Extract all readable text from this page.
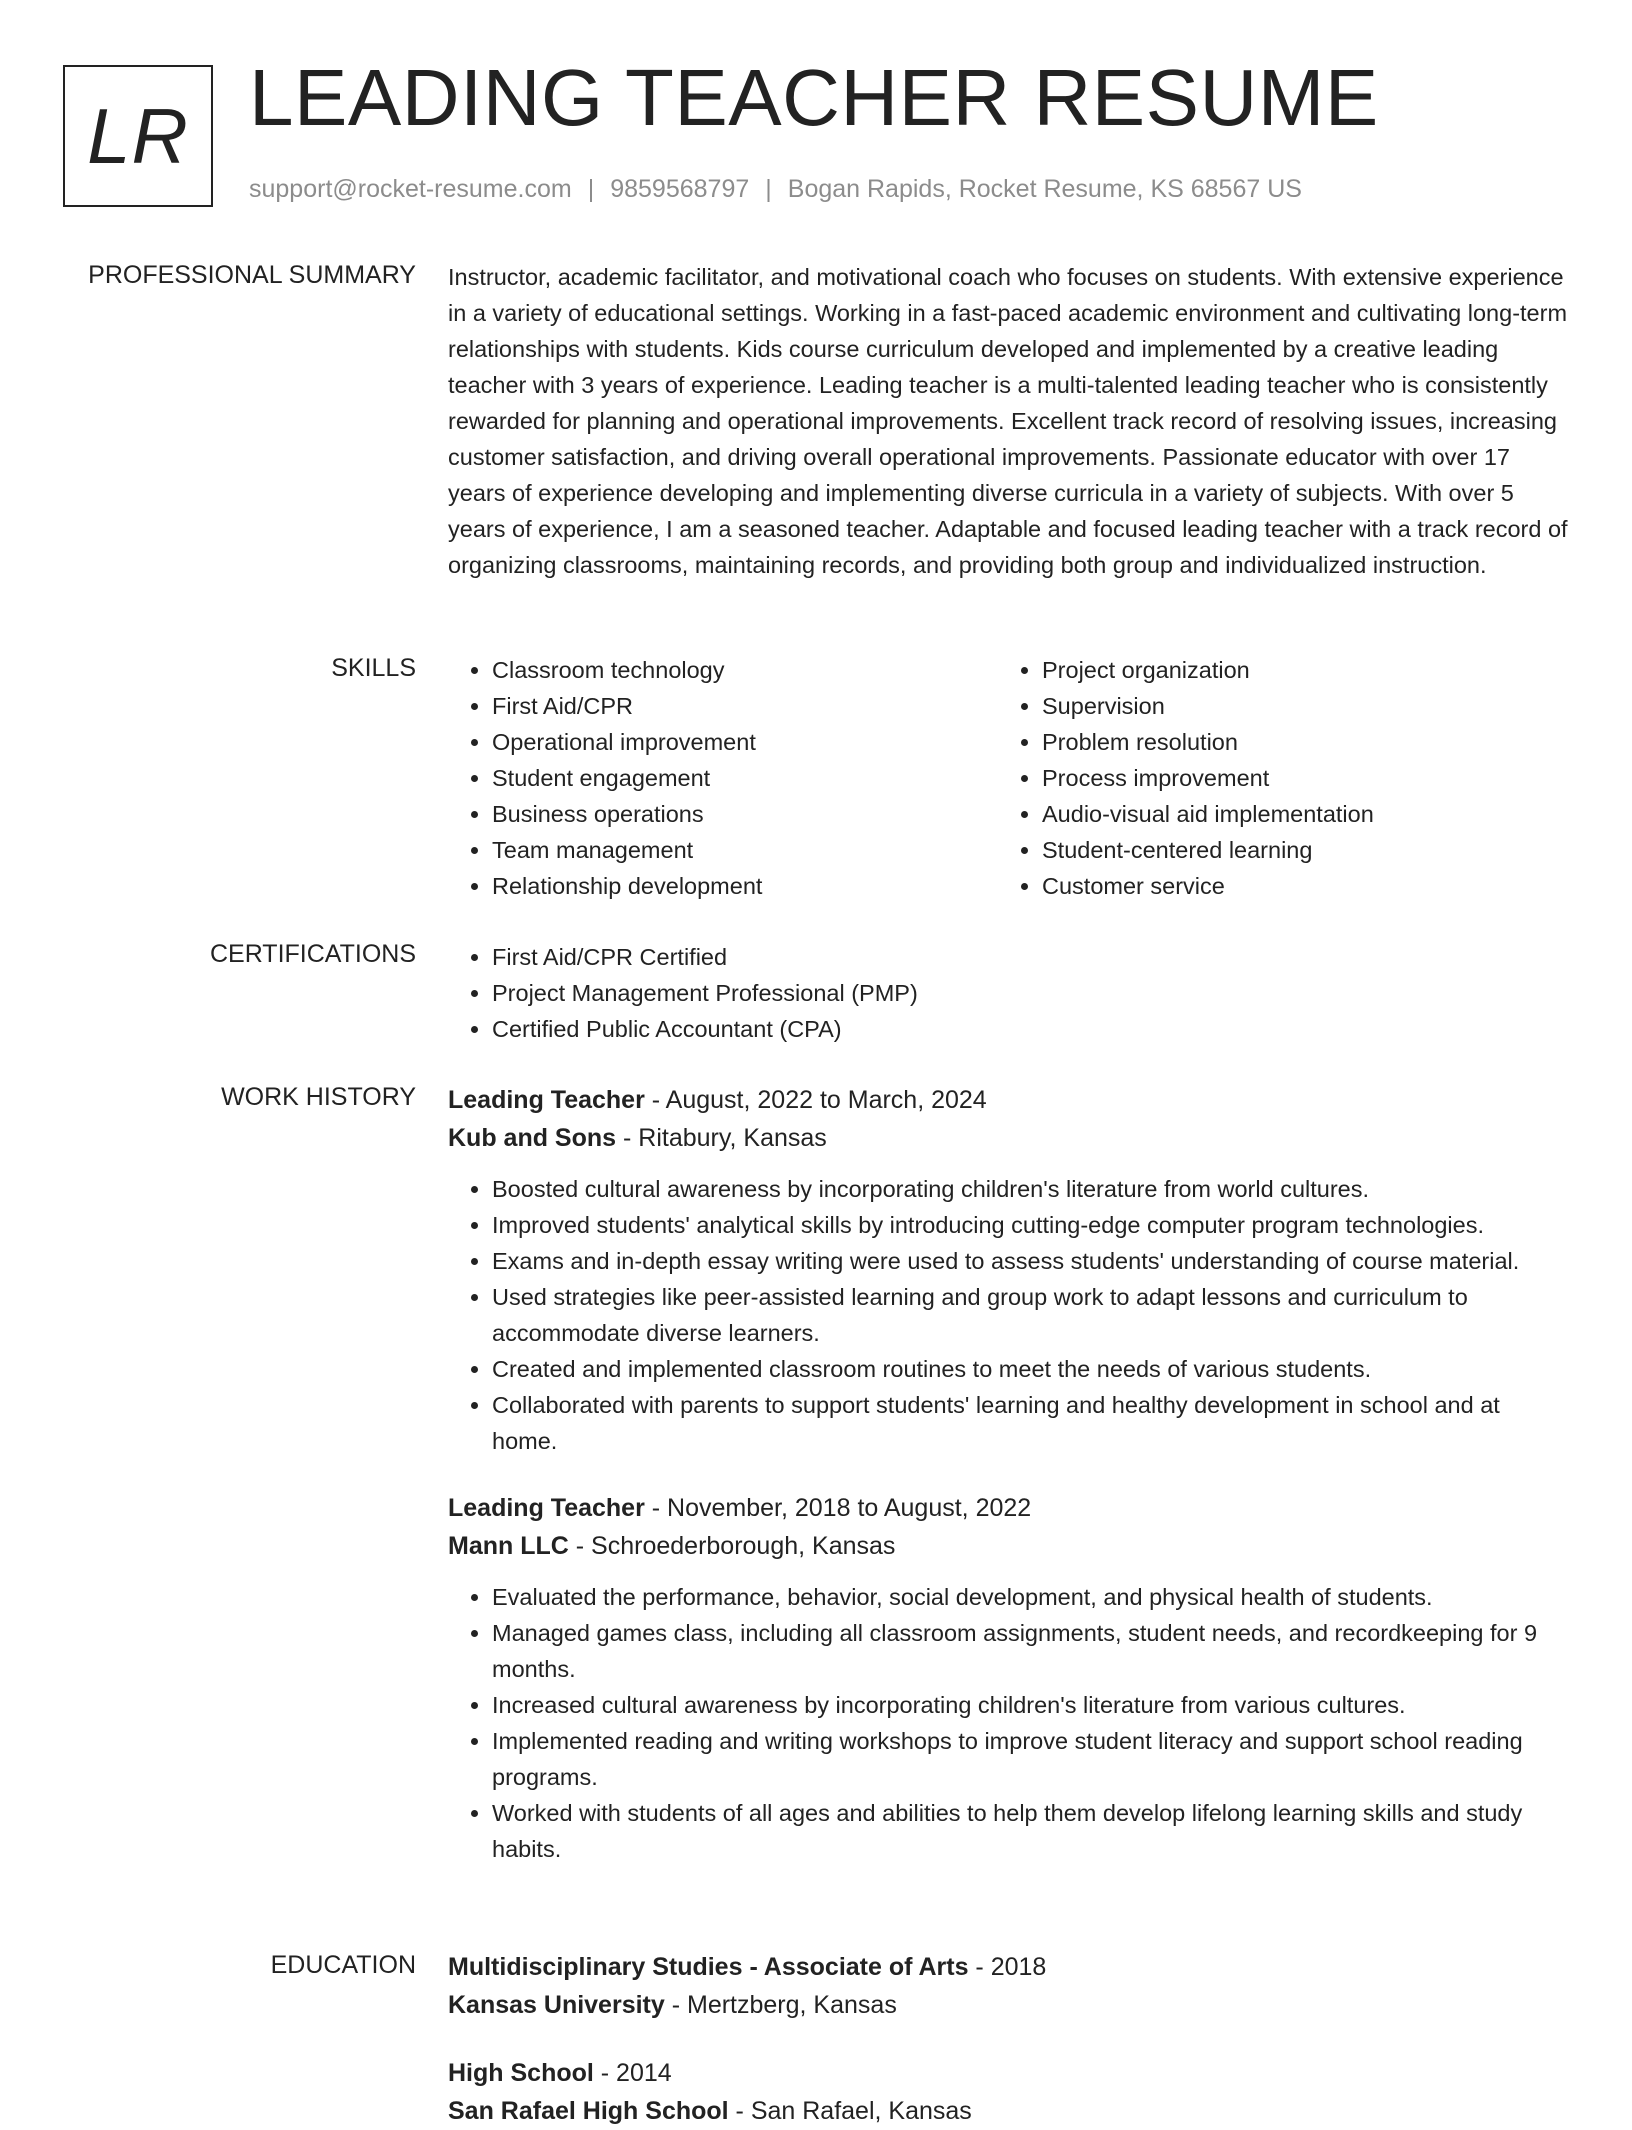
LR LEADING TEACHER RESUME
support@rocket-resume.com | 9859568797 | Bogan Rapids, Rocket Resume, KS 68567 US
PROFESSIONAL SUMMARY Instructor, academic facilitator, and motivational coach who focuses on students. With extensive experience in a variety of educational settings. Working in a fast-paced academic environment and cultivating long-term relationships with students. Kids course curriculum developed and implemented by a creative leading teacher with 3 years of experience. Leading teacher is a multi-talented leading teacher who is consistently rewarded for planning and operational improvements. Excellent track record of resolving issues, increasing customer satisfaction, and driving overall operational improvements. Passionate educator with over 17 years of experience developing and implementing diverse curricula in a variety of subjects. With over 5 years of experience, I am a seasoned teacher. Adaptable and focused leading teacher with a track record of organizing classrooms, maintaining records, and providing both group and individualized instruction.

SKILLS	• Classroom technology
• First Aid/CPR
• Operational improvement
• Student engagement
• Business operations
• Team management
• Relationship development
• Project organization
• Supervision
• Problem resolution
• Process improvement
• Audio-visual aid implementation
• Student-centered learning
• Customer service
CERTIFICATIONS	• First Aid/CPR Certified
• Project Management Professional (PMP)
• Certified Public Accountant (CPA)
WORK HISTORY Leading Teacher - August, 2022 to March, 2024
Kub and Sons - Ritabury, Kansas
• Boosted cultural awareness by incorporating children's literature from world cultures.
• Improved students' analytical skills by introducing cutting-edge computer program technologies.
• Exams and in-depth essay writing were used to assess students' understanding of course material.
• Used strategies like peer-assisted learning and group work to adapt lessons and curriculum to accommodate diverse learners.
• Created and implemented classroom routines to meet the needs of various students.
• Collaborated with parents to support students' learning and healthy development in school and at home.
Leading Teacher - November, 2018 to August, 2022
Mann LLC - Schroederborough, Kansas
• Evaluated the performance, behavior, social development, and physical health of students.
• Managed games class, including all classroom assignments, student needs, and recordkeeping for 9 months.
• Increased cultural awareness by incorporating children's literature from various cultures.
• Implemented reading and writing workshops to improve student literacy and support school reading programs.
• Worked with students of all ages and abilities to help them develop lifelong learning skills and study habits.
EDUCATION Multidisciplinary Studies - Associate of Arts - 2018
Kansas University - Mertzberg, Kansas
High School - 2014
San Rafael High School - San Rafael, Kansas
